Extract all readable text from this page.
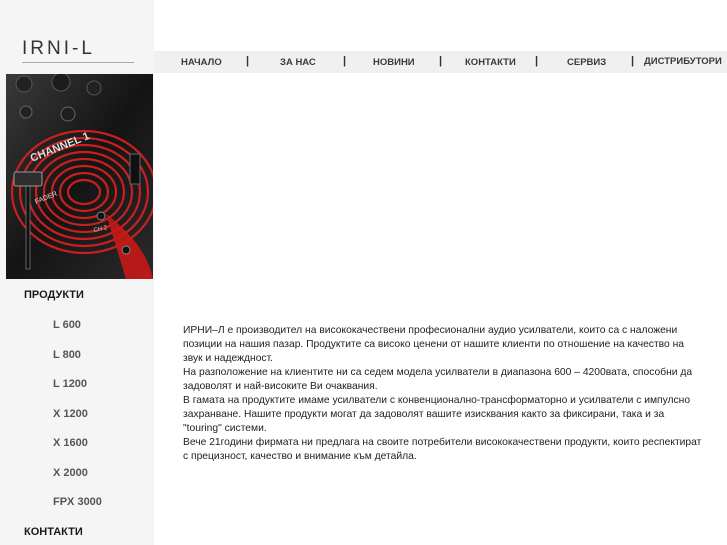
IRNI-L
CHANNEL 1
FADER
CH 2
ПРОДУКТИ
L 600
L 800
L 1200
X 1200
X 1600
X 2000
FPX 3000
КОНТАКТИ
НАЧАЛО |	ЗА НАС |	НОВИНИ | КОНТАКТИ |	СЕРВИЗ | ДИСТРИБУТОРИ

ИРНИ–Л е производител на висококачествени професионални аудио усилватели, които са с наложени позиции на нашия пазар. Продуктите са високо ценени от нашите клиенти по отношение на качество на звук и надеждност.

На разположение на клиентите ни са седем модела усилватели в диапазона 600 – 4200ватa, способни да задоволят и най-високите Ви очаквания.

В гамата на продуктите имаме усилватели с конвенционално-трансформаторно и усилватели с импулсно захранване. Нашите продукти могат да задоволят вашите изисквания както за фиксирани, така и за "touring" системи.

Вече 21години фирмата ни предлага на своите потребители висококачествени продукти, които респектират с прецизност, качество и внимание към детайла.
